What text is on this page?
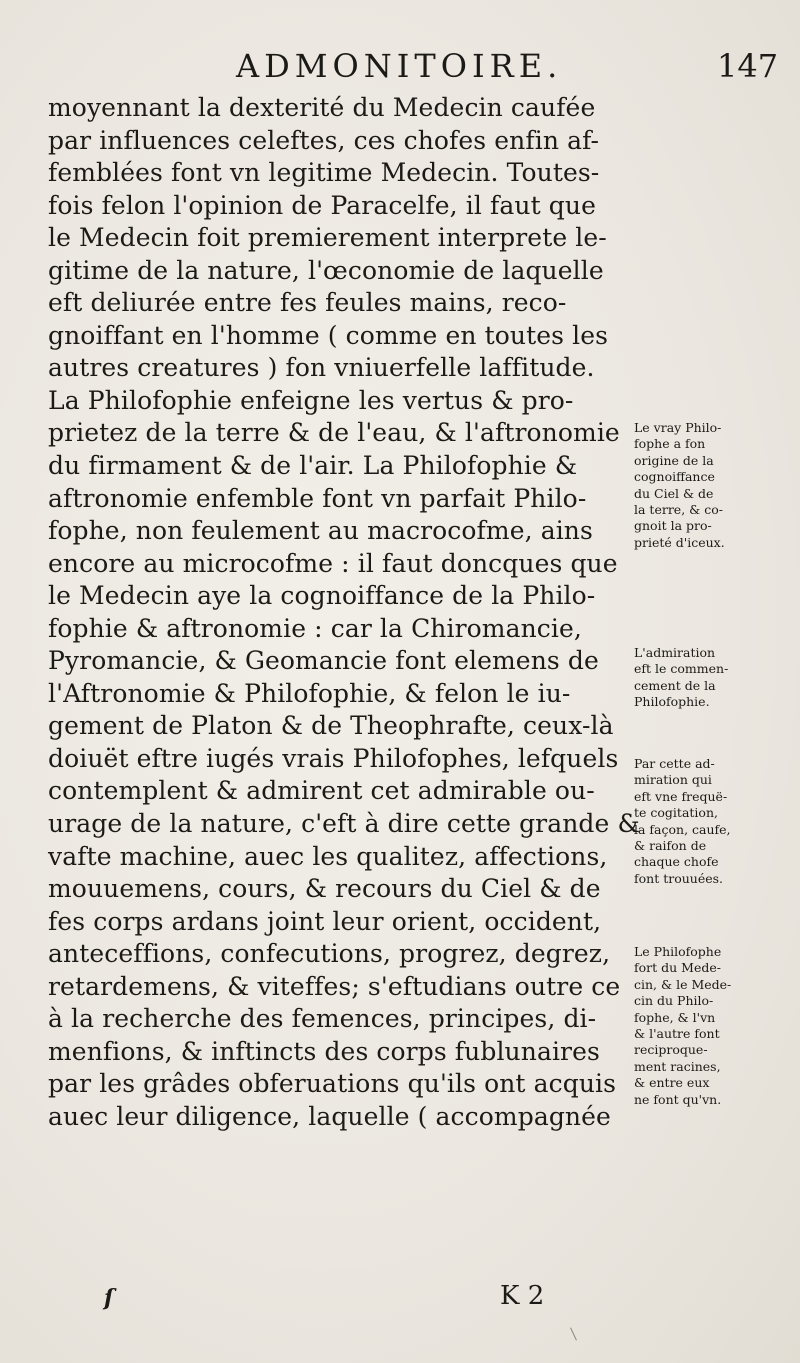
ADMONITOIRE.	147
moyennant la dexterité du Medecin caufée
par influences celeftes, ces chofes enfin af-
femblées font vn legitime Medecin. Toutes-
fois felon l'opinion de Paracelfe, il faut que
le Medecin foit premierement interprete le-
gitime de la nature, l'œconomie de laquelle
eft deliurée entre fes feules mains, reco-
gnoiffant en l'homme ( comme en toutes les
autres creatures ) fon vniuerfelle laffitude.
La Philofophie enfeigne les vertus & pro-
prietez de la terre & de l'eau, & l'aftronomie
du firmament & de l'air. La Philofophie &
aftronomie enfemble font vn parfait Philo-
fophe, non feulement au macrocofme, ains
encore au microcofme : il faut doncques que
le Medecin aye la cognoiffance de la Philo-
fophie & aftronomie : car la Chiromancie,
Pyromancie, & Geomancie font elemens de
l'Aftronomie & Philofophie, & felon le iu-
gement de Platon & de Theophrafte, ceux-là
doiuët eftre iugés vrais Philofophes, lefquels
contemplent & admirent cet admirable ou-
urage de la nature, c'eft à dire cette grande &
vafte machine, auec les qualitez, affections,
mouuemens, cours, & recours du Ciel & de
fes corps ardans joint leur orient, occident,
anteceffions, confecutions, progrez, degrez,
retardemens, & viteffes; s'eftudians outre ce
à la recherche des femences, principes, di-
menfions, & inftincts des corps fublunaires
par les grâdes obferuations qu'ils ont acquis
auec leur diligence, laquelle ( accompagnée
Le vray Philo-
fophe a fon
origine de la
cognoiffance
du Ciel & de
la terre, & co-
gnoit la pro-
prieté d'iceux.
L'admiration
eft le commen-
cement de la
Philofophie.
Par cette ad-
miration qui
eft vne frequë-
te cogitation,
la façon, caufe,
& raifon de
chaque chofe
font trouuées.
Le Philofophe
fort du Mede-
cin, & le Mede-
cin du Philo-
fophe, & l'vn
& l'autre font
reciproque-
ment racines,
& entre eux
ne font qu'vn.
ſ	K 2
